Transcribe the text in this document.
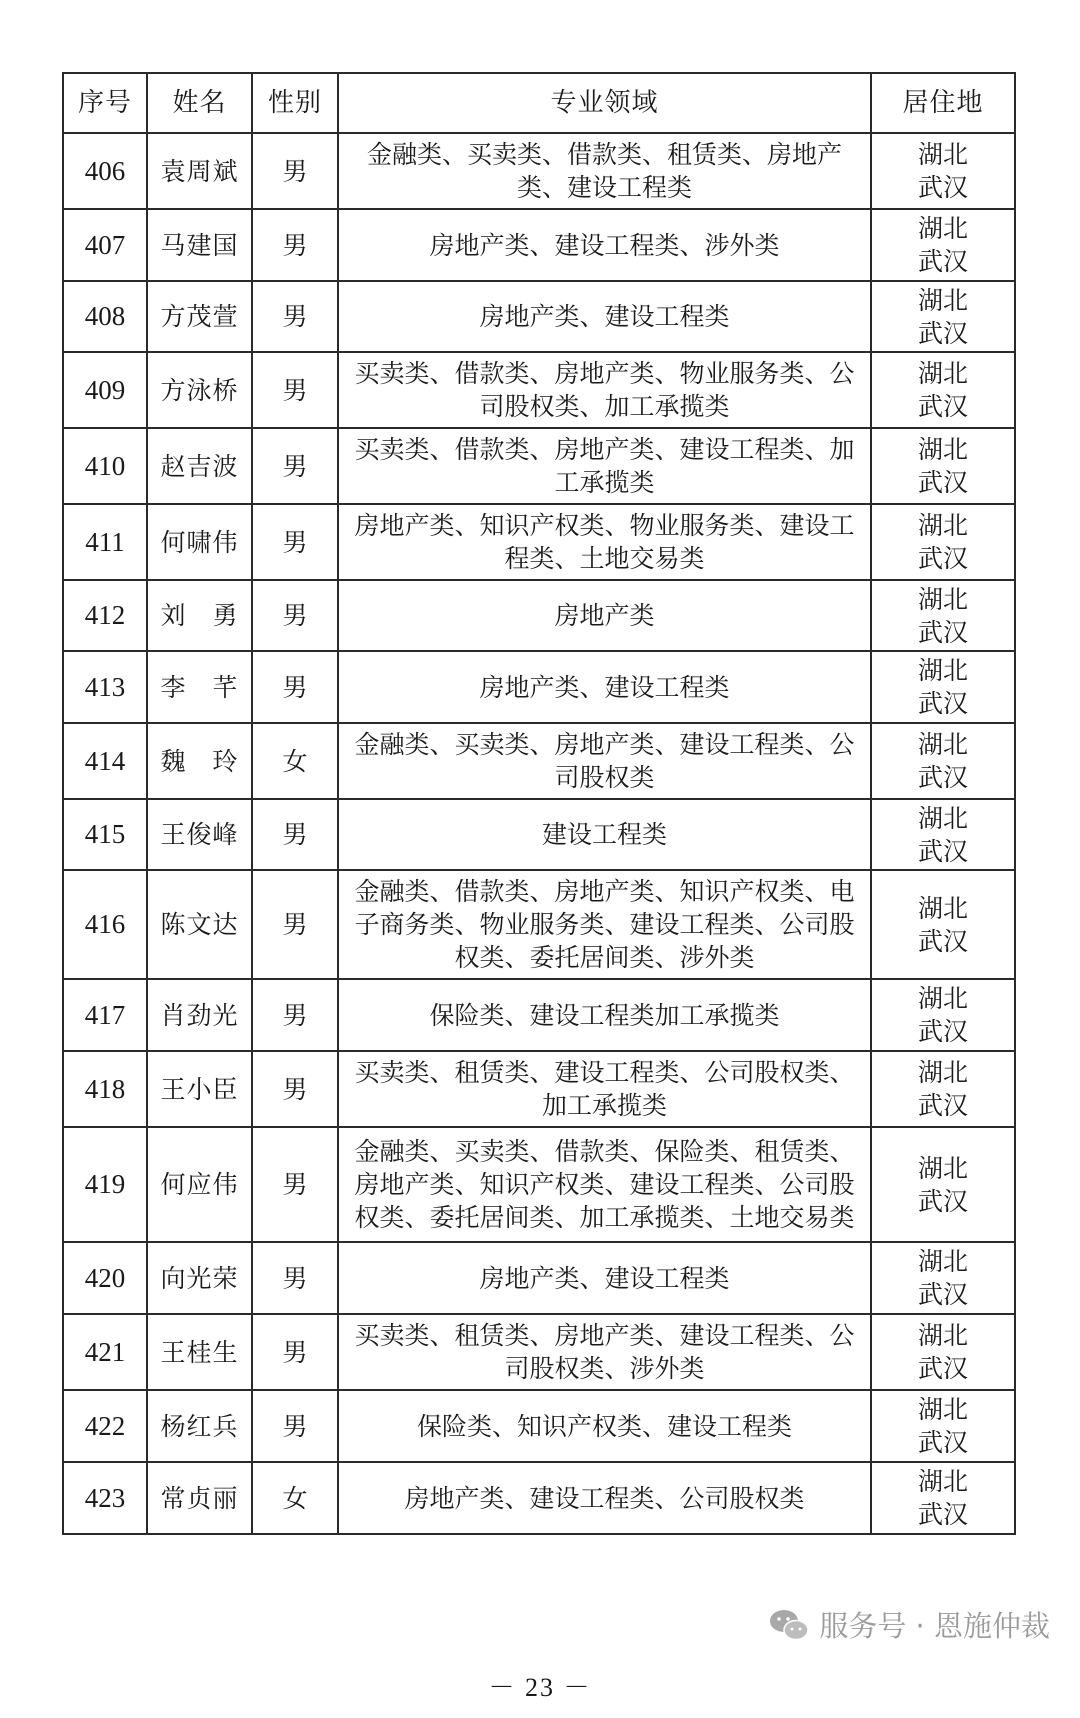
序号	姓名	性别	专业领域	居住地
406	袁周斌	男	金融类、买卖类、借款类、租赁类、房地产类、建设工程类	湖北
武汉

407	马建国	男	房地产类、建设工程类、涉外类	湖北
武汉

408	方茂萱	男	房地产类、建设工程类	湖北
武汉

409	方泳桥	男	买卖类、借款类、房地产类、物业服务类、公司股权类、加工承揽类	湖北
武汉

410	赵吉波	男	买卖类、借款类、房地产类、建设工程类、加工承揽类	湖北
武汉

411	何啸伟	男	房地产类、知识产权类、物业服务类、建设工程类、土地交易类	湖北
武汉

412	刘　勇	男	房地产类	湖北
武汉

413	李　芊	男	房地产类、建设工程类	湖北
武汉

414	魏　玲	女	金融类、买卖类、房地产类、建设工程类、公司股权类	湖北
武汉

415	王俊峰	男	建设工程类	湖北
武汉

416	陈文达	男	金融类、借款类、房地产类、知识产权类、电子商务类、物业服务类、建设工程类、公司股权类、委托居间类、涉外类	湖北
武汉

417	肖劲光	男	保险类、建设工程类加工承揽类	湖北
武汉

418	王小臣	男	买卖类、租赁类、建设工程类、公司股权类、加工承揽类	湖北
武汉

419	何应伟	男	金融类、买卖类、借款类、保险类、租赁类、房地产类、知识产权类、建设工程类、公司股权类、委托居间类、加工承揽类、土地交易类	湖北
武汉

420	向光荣	男	房地产类、建设工程类	湖北
武汉

421	王桂生	男	买卖类、租赁类、房地产类、建设工程类、公司股权类、涉外类	湖北
武汉

422	杨红兵	男	保险类、知识产权类、建设工程类	湖北
武汉

423	常贞丽	女	房地产类、建设工程类、公司股权类	湖北
武汉
服务号 · 恩施仲裁
－ 23 －
